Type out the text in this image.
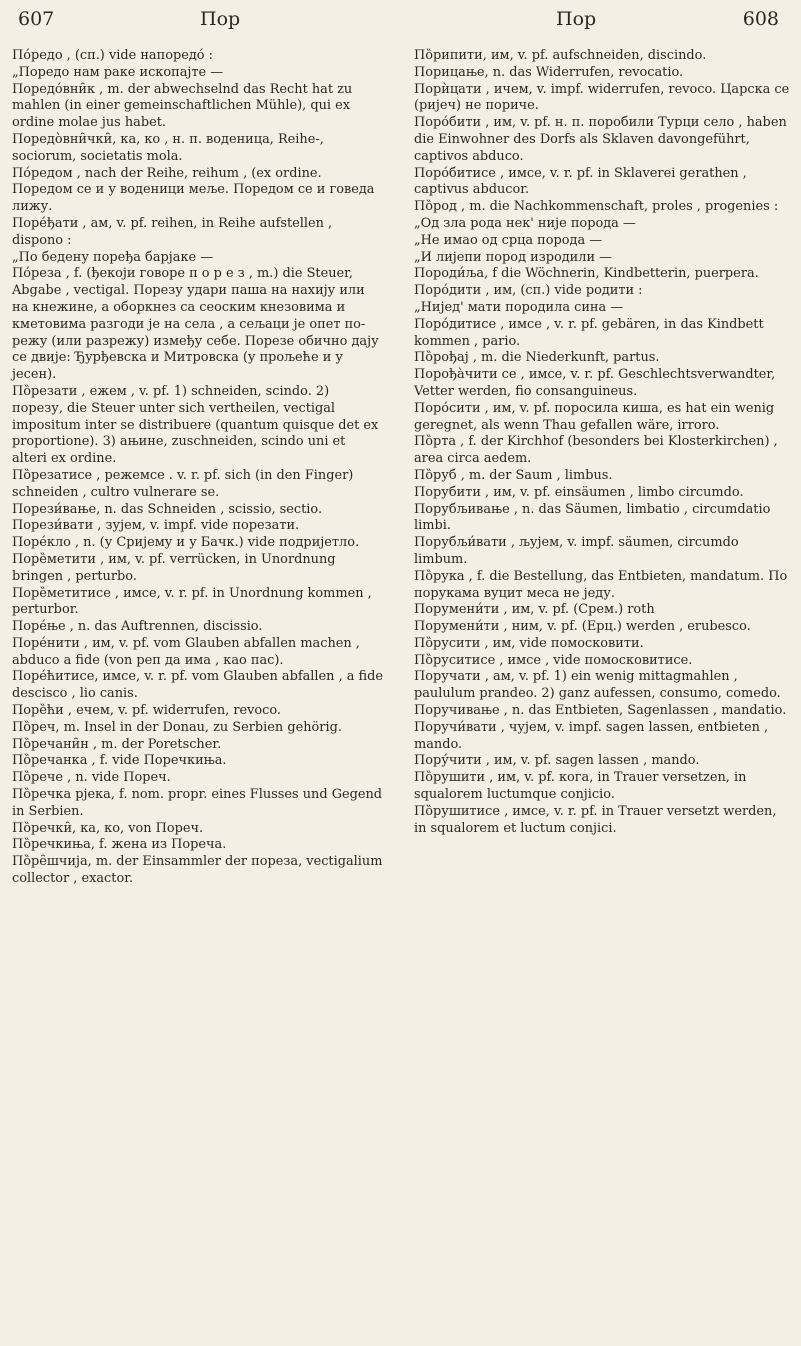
607	Пор	Пор	608
По́редо , (сп.) vide напоредо́ :
„Поредо нам раке ископајте —
Поредо́вни̑к , m. der abwechselnd das Recht hat zu mahlen (in einer gemeinschaftlichen Mühle), qui ex ordine molae jus habet.
Поредо̀вни̑чки̑, ка, ко , н. п. воденица, Reihe-, sociorum, societatis mola.
По́редом , nach der Reihe, reihum , (ex ordine. Поредом се и у воденици меље. Поредом се и говеда лижу.
Поре́ђати , ам, v. pf. reihen, in Reihe aufstellen , dispono :
„По бедену поређа барјаке —
По́реза , f. (ђекоји говоре п о р е з , m.) die Steuer, Abgabe , vectigal. Порезу удари паша на нахију или на кнежине, а оборкнез са сеоским кнезовима и кметовима разгоди је на села , а сељаци је опет по-режу (или разрежу) између себе. Порезе обично дају се двије: Ђурђевска и Митровска (у прољеће и у јесен).
По̏резати , ежем , v. pf. 1) schneiden, scindo. 2) порезу, die Steuer unter sich vertheilen, vectigal impositum inter se distribuere (quantum quisque det ex proportione). 3) ањине, zuschneiden, scindo uni et alteri ex ordine.
По̏резатисе , режемсе . v. r. pf. sich (in den Finger) schneiden , cultro vulnerare se.
Порези́вање, n. das Schneiden , scissio, sectio.
Порези́вати , зујем, v. impf. vide порезати.
Поре́кло , n. (у Сријему и у Бачк.) vide подријетло.
Поре̏метити , им, v. pf. verrücken, in Unordnung bringen , perturbo.
Поре̏метитисе , имсе, v. r. pf. in Unordnung kommen , perturbor.
Поре́ње , n. das Auftrennen, discissio.
Поре́нити , им, v. pf. vom Glauben abfallen machen , abduco a fide (von реп да има , као пас).
Поре́ћитисе, имсе, v. r. pf. vom Glauben abfallen , a fide descisco , lio canis.
Поре̏ћи , ечем, v. pf. widerrufen, revoco.
По̏реч, m. Insel in der Donau, zu Serbien gehörig.
По̏речани̑н , m. der Poretscher.
По̏речанка , f. vide Поречкиња.
По̏рече , n. vide Пореч.
По̏речка рјека, f. nom. propr. eines Flusses und Gegend in Serbien.
По̏речки̑, ка, ко, von Пореч.
По̏речкиња, f. жена из Пореча.
По̏ре̑шчија, m. der Einsammler der пореза, vectigalium collector , exactor.
По̏рипити, им, v. pf. aufschneiden, discindo.
Порицање, n. das Widerrufen, revocatio.
Порѝцати , ичем, v. impf. widerrufen, revoco. Царска се (ријеч) не пориче.
Поро́бити , им, v. pf. н. п. поробили Турци село , haben die Einwohner des Dorfs als Sklaven davongeführt, captivos abduco.
Поро́битисе , имсе, v. r. pf. in Sklaverei gerathen , captivus abducor.
По̏род , m. die Nachkommenschaft, proles , progenies :
„Од зла рода нек' није порода —
„Не имао од срца порода —
„И лијепи пород изродили —
Породи́ља, f die Wöchnerin, Kindbetterin, puerpera.
Поро́дити , им, (сп.) vide родити :
„Нијед' мати породила сина —
Поро́дитисе , имсе , v. r. pf. gebären, in das Kindbett kommen , pario.
По̏рођај , m. die Niederkunft, partus.
Порођа̀чити се , имсе, v. r. pf. Geschlechtsverwandter, Vetter werden, fio consanguineus.
Поро́сити , им, v. pf. поросила киша, es hat ein wenig geregnet, als wenn Thau gefallen wäre, irroro.
По̏рта , f. der Kirchhof (besonders bei Klosterkirchen) , area circa aedem.
По̏руб , m. der Saum , limbus.
Порубити , им, v. pf. einsäumen , limbo circumdo.
Порубљивање , n. das Säumen, limbatio , circumdatio limbi.
Порубљи́вати , љујем, v. impf. säumen, circumdo limbum.
По̏рука , f. die Bestellung, das Entbieten, mandatum. По порукама вуцит меса не једу.
Порумени́ти , им, v. pf. (Срем.) roth
Порумени́ти , ним, v. pf. (Ерц.) werden , erubesco.
По̏русити , им, vide помосковити.
По̏руситисе , имсе , vide помосковитисе.
Поручати , ам, v. pf. 1) ein wenig mittagmahlen , paululum prandeo. 2) ganz aufessen, consumo, comedo.
Поручивање , n. das Entbieten, Sagenlassen , mandatio.
Поручи́вати , чујем, v. impf. sagen lassen, entbieten , mando.
Пору́чити , им, v. pf. sagen lassen , mando.
По̏рушити , им, v. pf. кога, in Trauer versetzen, in squalorem luctumque conjicio.
По̏рушитисе , имсе, v. r. pf. in Trauer versetzt werden, in squalorem et luctum conjici.
